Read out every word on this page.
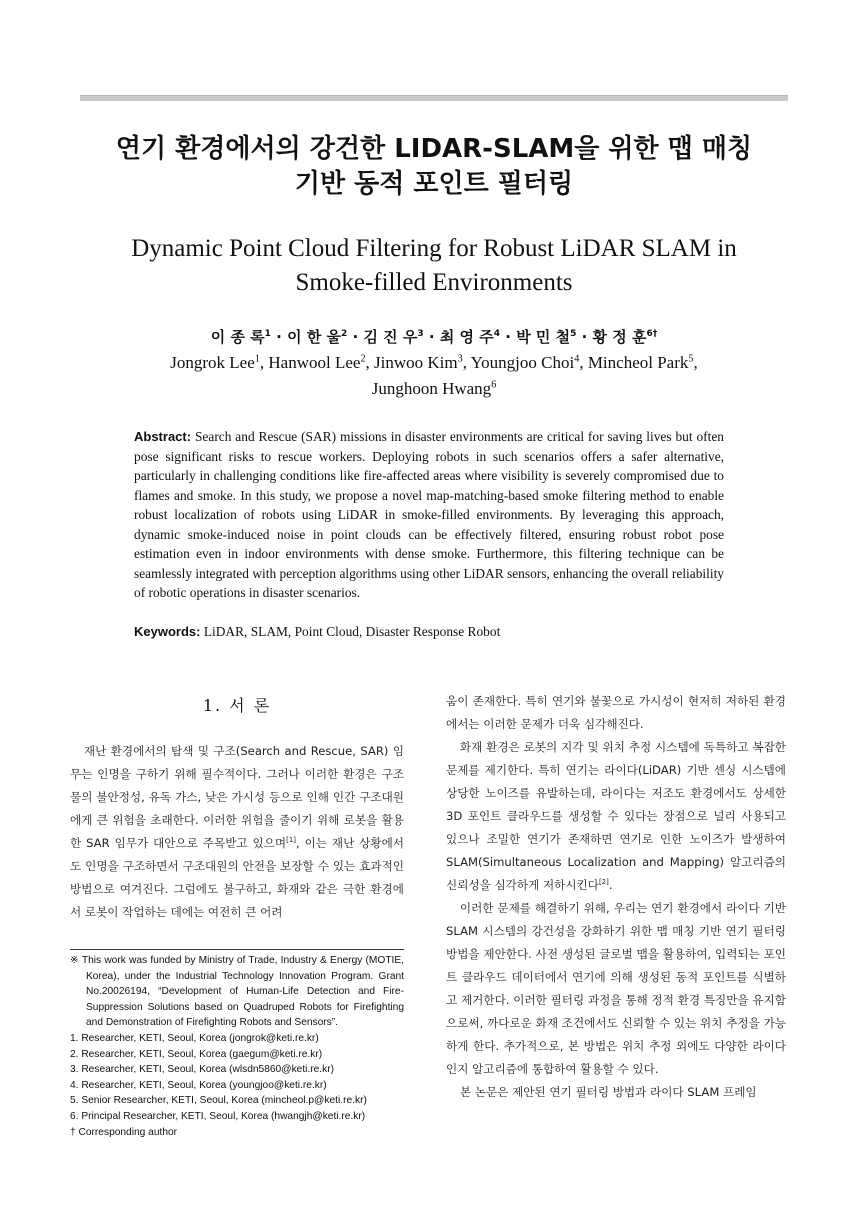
연기 환경에서의 강건한 LIDAR-SLAM을 위한 맵 매칭
기반 동적 포인트 필터링
Dynamic Point Cloud Filtering for Robust LiDAR SLAM in
Smoke-filled Environments
이 종 록$^1$ · 이 한 울$^2$ · 김 진 우$^3$ · 최 영 주$^4$ · 박 민 철$^5$ · 황 정 훈$^{6\dagger}$
Jongrok Lee$^1$, Hanwool Lee$^2$, Jinwoo Kim$^3$, Youngjoo Choi$^4$, Mincheol Park$^5$,
Junghoon Hwang$^6$
Abstract: Search and Rescue (SAR) missions in disaster environments are critical for saving lives but often pose significant risks to rescue workers. Deploying robots in such scenarios offers a safer alternative, particularly in challenging conditions like fire-affected areas where visibility is severely compromised due to flames and smoke. In this study, we propose a novel map-matching-based smoke filtering method to enable robust localization of robots using LiDAR in smoke-filled environments. By leveraging this approach, dynamic smoke-induced noise in point clouds can be effectively filtered, ensuring robust robot pose estimation even in indoor environments with dense smoke. Furthermore, this filtering technique can be seamlessly integrated with perception algorithms using other LiDAR sensors, enhancing the overall reliability of robotic operations in disaster scenarios.
Keywords: LiDAR, SLAM, Point Cloud, Disaster Response Robot
1. 서 론

재난 환경에서의 탐색 및 구조(Search and Rescue, SAR) 임무는 인명을 구하기 위해 필수적이다. 그러나 이러한 환경은 구조물의 불안정성, 유독 가스, 낮은 가시성 등으로 인해 인간 구조대원에게 큰 위험을 초래한다. 이러한 위험을 줄이기 위해 로봇을 활용한 SAR 임무가 대안으로 주목받고 있으며[1], 이는 재난 상황에서도 인명을 구조하면서 구조대원의 안전을 보장할 수 있는 효과적인 방법으로 여겨진다. 그럼에도 불구하고, 화재와 같은 극한 환경에서 로봇이 작업하는 데에는 여전히 큰 어려

※ This work was funded by Ministry of Trade, Industry & Energy (MOTIE, Korea), under the Industrial Technology Innovation Program. Grant No.20026194, “Development of Human-Life Detection and Fire-Suppression Solutions based on Quadruped Robots for Firefighting and Demonstration of Firefighting Robots and Sensors”.
1. Researcher, KETI, Seoul, Korea (jongrok@keti.re.kr)
2. Researcher, KETI, Seoul, Korea (gaegum@keti.re.kr)
3. Researcher, KETI, Seoul, Korea (wlsdn5860@keti.re.kr)
4. Researcher, KETI, Seoul, Korea (youngjoo@keti.re.kr)
5. Senior Researcher, KETI, Seoul, Korea (mincheol.p@keti.re.kr)
6. Principal Researcher, KETI, Seoul, Korea (hwangjh@keti.re.kr)
† Corresponding author

움이 존재한다. 특히 연기와 불꽃으로 가시성이 현저히 저하된 환경에서는 이러한 문제가 더욱 심각해진다.

화재 환경은 로봇의 지각 및 위치 추정 시스템에 독특하고 복잡한 문제를 제기한다. 특히 연기는 라이다(LiDAR) 기반 센싱 시스템에 상당한 노이즈를 유발하는데, 라이다는 저조도 환경에서도 상세한 3D 포인트 클라우드를 생성할 수 있다는 장점으로 널리 사용되고 있으나 조밀한 연기가 존재하면 연기로 인한 노이즈가 발생하여 SLAM(Simultaneous Localization and Mapping) 알고리즘의 신뢰성을 심각하게 저하시킨다[2].

이러한 문제를 해결하기 위해, 우리는 연기 환경에서 라이다 기반 SLAM 시스템의 강건성을 강화하기 위한 맵 매칭 기반 연기 필터링 방법을 제안한다. 사전 생성된 글로벌 맵을 활용하여, 입력되는 포인트 클라우드 데이터에서 연기에 의해 생성된 동적 포인트를 식별하고 제거한다. 이러한 필터링 과정을 통해 정적 환경 특징만을 유지함으로써, 까다로운 화재 조건에서도 신뢰할 수 있는 위치 추정을 가능하게 한다. 추가적으로, 본 방법은 위치 추정 외에도 다양한 라이다 인지 알고리즘에 통합하여 활용할 수 있다.

본 논문은 제안된 연기 필터링 방법과 라이다 SLAM 프레임
